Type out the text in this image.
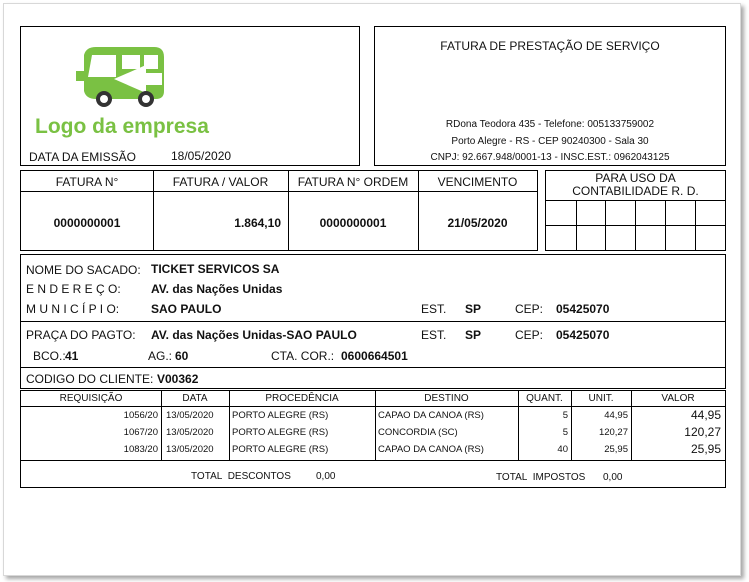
Logo da empresa
DATA DA EMISSÃO	18/05/2020
FATURA DE PRESTAÇÃO DE SERVIÇO
RDona Teodora 435 - Telefone: 005133759002
Porto Alegre - RS - CEP 90240300 - Sala 30
CNPJ: 92.667.948/0001-13 - INSC.EST.: 0962043125
FATURA N°	FATURA / VALOR	FATURA N° ORDEM	VENCIMENTO
0000000001	1.864,10	0000000001	21/05/2020
PARA USO DA
CONTABILIDADE R. D.
NOME DO SACADO: TICKET SERVICOS SA
E N D E R E Ç O:	AV. das Nações Unidas
M U N I C Í P I O:	SAO PAULO	EST. SP	CEP: 05425070
PRAÇA DO PAGTO: AV. das Nações Unidas-SAO PAULO	EST. SP	CEP: 05425070
BCO.: 41	AG.: 60	CTA. COR.: 0600664501
CODIGO DO CLIENTE: V00362
REQUISIÇÃO	DATA	PROCEDÊNCIA	DESTINO	QUANT.	UNIT.	VALOR
1056/20 13/05/2020 PORTO ALEGRE (RS)	CAPAO DA CANOA (RS)	5	44,95	44,95
1067/20 13/05/2020 PORTO ALEGRE (RS)	CONCORDIA (SC)	5	120,27	120,27
1083/20 13/05/2020 PORTO ALEGRE (RS)	CAPAO DA CANOA (RS)	40	25,95	25,95
TOTAL DESCONTOS	0,00	TOTAL IMPOSTOS 0,00
